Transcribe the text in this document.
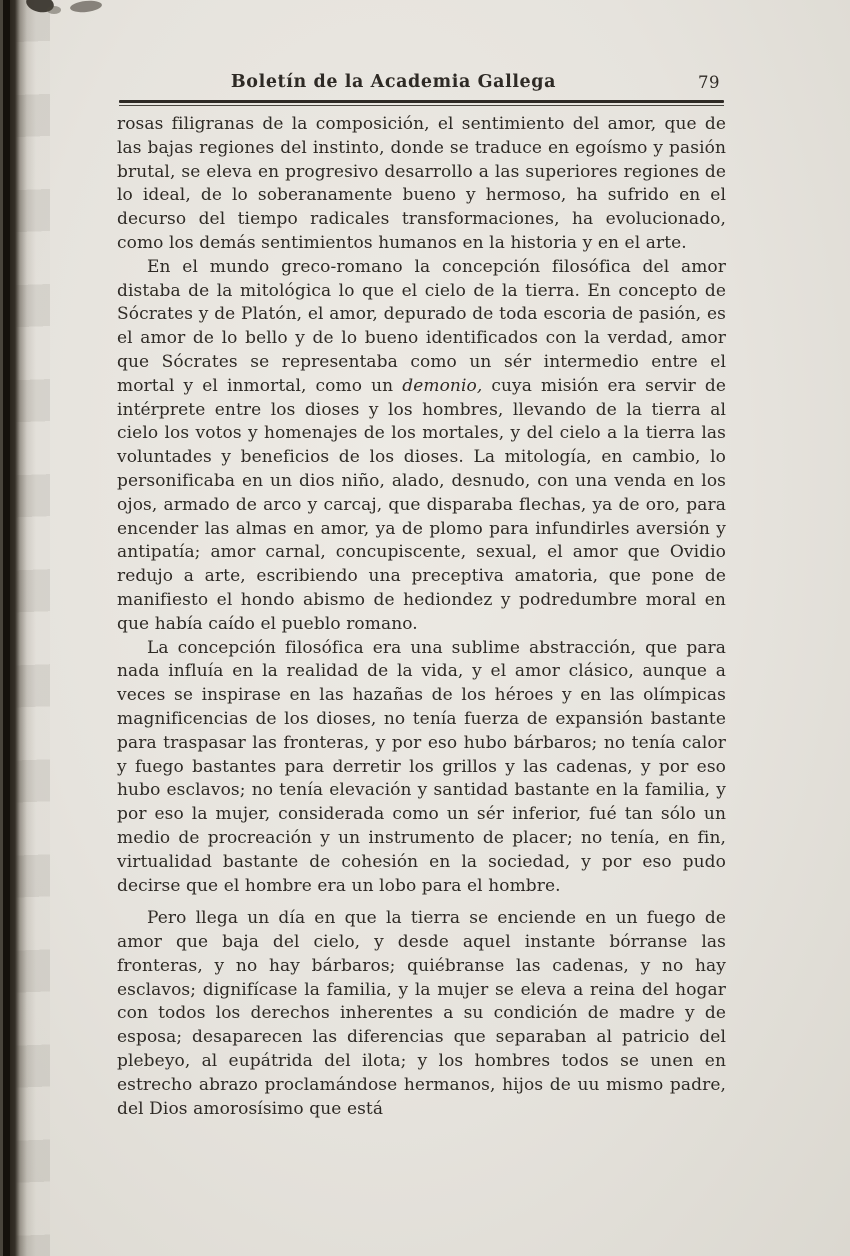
Boletín de la Academia Gallega	79

rosas filigranas de la composición, el sentimiento del amor, que de las bajas regiones del instinto, donde se traduce en egoísmo y pasión brutal, se eleva en progresivo desarrollo a las superiores regiones de lo ideal, de lo soberanamente bueno y hermoso, ha sufrido en el decurso del tiempo radicales transformaciones, ha evolucionado, como los demás sentimientos humanos en la historia y en el arte.

En el mundo greco-romano la concepción filosófica del amor distaba de la mitológica lo que el cielo de la tierra. En concepto de Sócrates y de Platón, el amor, depurado de toda escoria de pasión, es el amor de lo bello y de lo bueno identificados con la verdad, amor que Sócrates se representaba como un sér intermedio entre el mortal y el inmortal, como un demonio, cuya misión era servir de intérprete entre los dioses y los hombres, llevando de la tierra al cielo los votos y homenajes de los mortales, y del cielo a la tierra las voluntades y beneficios de los dioses. La mitología, en cambio, lo personificaba en un dios niño, alado, desnudo, con una venda en los ojos, armado de arco y carcaj, que disparaba flechas, ya de oro, para encender las almas en amor, ya de plomo para infundirles aversión y antipatía; amor carnal, concupiscente, sexual, el amor que Ovidio redujo a arte, escribiendo una preceptiva amatoria, que pone de manifiesto el hondo abismo de hediondez y podredumbre moral en que había caído el pueblo romano.

La concepción filosófica era una sublime abstracción, que para nada influía en la realidad de la vida, y el amor clásico, aunque a veces se inspirase en las hazañas de los héroes y en las olímpicas magnificencias de los dioses, no tenía fuerza de expansión bastante para traspasar las fronteras, y por eso hubo bárbaros; no tenía calor y fuego bastantes para derretir los grillos y las cadenas, y por eso hubo esclavos; no tenía elevación y santidad bastante en la familia, y por eso la mujer, considerada como un sér inferior, fué tan sólo un medio de procreación y un instrumento de placer; no tenía, en fin, virtualidad bastante de cohesión en la sociedad, y por eso pudo decirse que el hombre era un lobo para el hombre.

Pero llega un día en que la tierra se enciende en un fuego de amor que baja del cielo, y desde aquel instante bórranse las fronteras, y no hay bárbaros; quiébranse las cadenas, y no hay esclavos; dignifícase la familia, y la mujer se eleva a reina del hogar con todos los derechos inherentes a su condición de madre y de esposa; desaparecen las diferencias que separaban al patricio del plebeyo, al eupátrida del ilota; y los hombres todos se unen en estrecho abrazo proclamándose hermanos, hijos de uu mismo padre, del Dios amorosísimo que está
